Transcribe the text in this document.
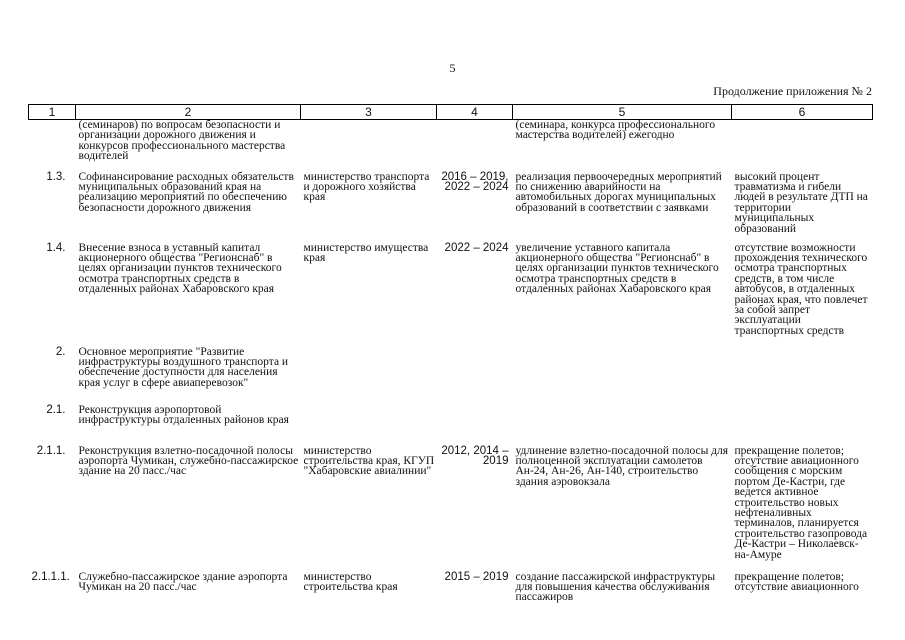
5
Продолжение приложения № 2
1	2	3	4	5	6
	(семинаров) по вопросам безопасности и организации дорожного движения и конкурсов профессионального мастерства водителей			(семинара, конкурса профессионального мастерства водителей) ежегодно	
1.3.	Софинансирование расходных обязательств муниципальных образований края на реализацию мероприятий по обеспечению безопасности дорожного движения	министерство транспорта и дорожного хозяйства края	2016 – 2019, 2022 – 2024	реализация первоочередных мероприятий по снижению аварийности на автомобильных дорогах муниципальных образований в соответствии с заявками	высокий процент травматизма и гибели людей в результате ДТП на территории муниципальных образований
1.4.	Внесение взноса в уставный капитал акционерного общества "Регионснаб" в целях организации пунктов технического осмотра транспортных средств в отдаленных районах Хабаровского края	министерство имущества края	2022 – 2024	увеличение уставного капитала акционерного общества "Регионснаб" в целях организации пунктов технического осмотра транспортных средств в отдаленных районах Хабаровского края	отсутствие возможности прохождения технического осмотра транспортных средств, в том числе автобусов, в отдаленных районах края, что повлечет за собой запрет эксплуатации транспортных средств
2.	Основное мероприятие "Развитие инфраструктуры воздушного транспорта и обеспечение доступности для населения края услуг в сфере авиаперевозок"				
2.1.	Реконструкция аэропортовой инфраструктуры отдаленных районов края				
2.1.1.	Реконструкция взлетно-посадочной полосы аэропорта Чумикан, служебно-пассажирское здание на 20 пасс./час	министерство строительства края, КГУП "Хабаровские авиалинии"	2012, 2014 – 2019	удлинение взлетно-посадочной полосы для полноценной эксплуатации самолетов Ан-24, Ан-26, Ан-140, строительство здания аэровокзала	прекращение полетов; отсутствие авиационного сообщения с морским портом Де-Кастри, где ведется активное строительство новых нефтеналивных терминалов, планируется строительство газопровода Де-Кастри – Николаевск-на-Амуре
2.1.1.1.	Служебно-пассажирское здание аэропорта Чумикан на 20 пасс./час	министерство строительства края	2015 – 2019	создание пассажирской инфраструктуры для повышения качества обслуживания пассажиров	прекращение полетов; отсутствие авиационного
